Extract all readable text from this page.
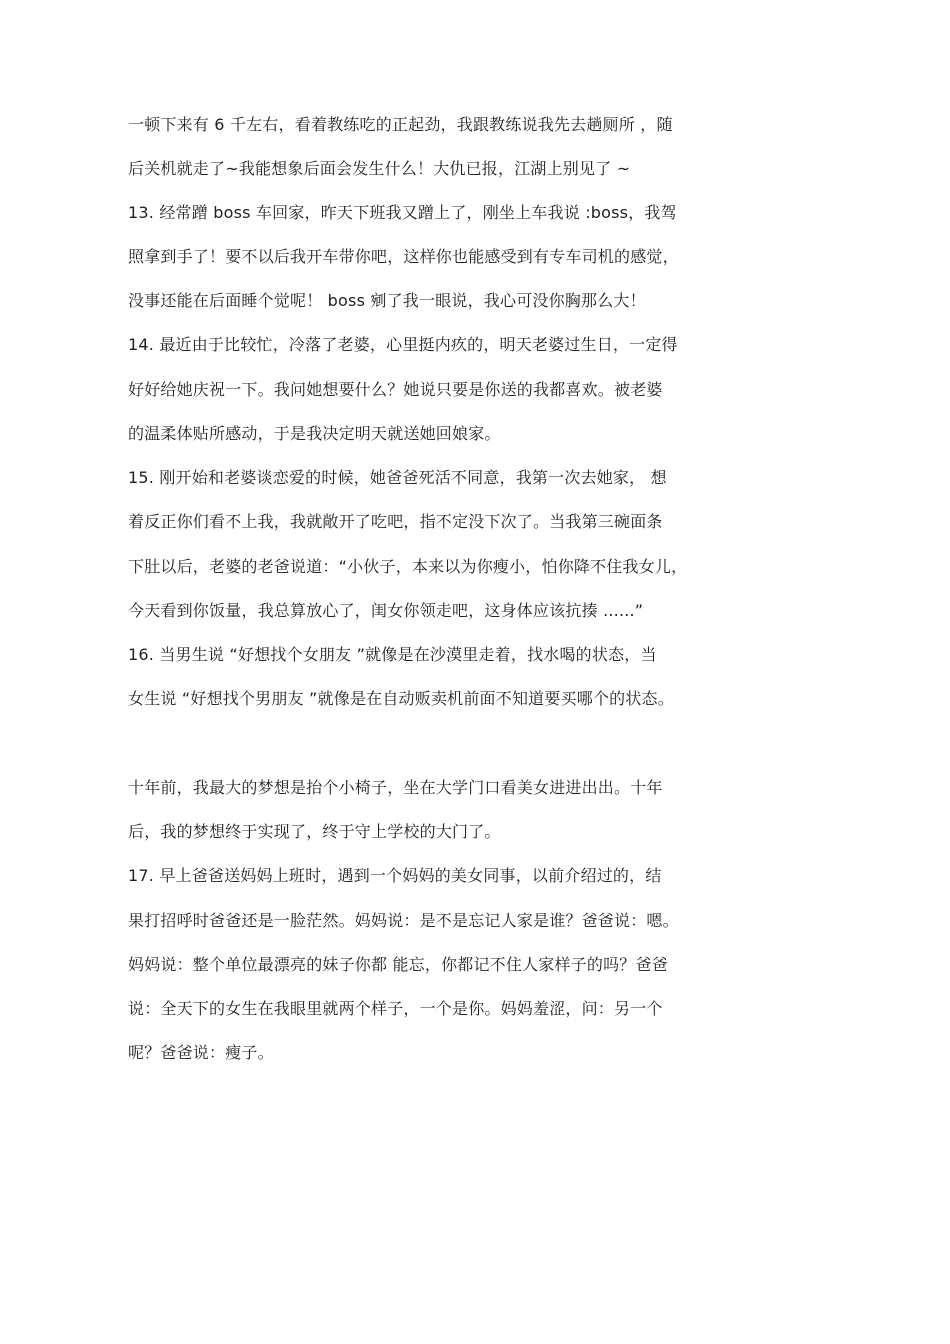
一顿下来有 6 千左右，看着教练吃的正起劲，我跟教练说我先去趟厕所 ，随
后关机就走了~我能想象后面会发生什么！大仇已报，江湖上别见了 ~
13. 经常蹭 boss 车回家，昨天下班我又蹭上了，刚坐上车我说 :boss，我驾
照拿到手了！要不以后我开车带你吧，这样你也能感受到有专车司机的感觉，
没事还能在后面睡个觉呢！ boss 剜了我一眼说，我心可没你胸那么大！
14. 最近由于比较忙，冷落了老婆，心里挺内疚的，明天老婆过生日，一定得
好好给她庆祝一下。我问她想要什么？她说只要是你送的我都喜欢。被老婆
的温柔体贴所感动，于是我决定明天就送她回娘家。
15. 刚开始和老婆谈恋爱的时候，她爸爸死活不同意，我第一次去她家， 想
着反正你们看不上我，我就敞开了吃吧，指不定没下次了。当我第三碗面条
下肚以后，老婆的老爸说道：“小伙子，本来以为你瘦小，怕你降不住我女儿，
今天看到你饭量，我总算放心了，闺女你领走吧，这身体应该抗揍 ......”
16. 当男生说 “好想找个女朋友 ”就像是在沙漠里走着，找水喝的状态，当
女生说 “好想找个男朋友 ”就像是在自动贩卖机前面不知道要买哪个的状态。
十年前，我最大的梦想是抬个小椅子，坐在大学门口看美女进进出出。十年
后，我的梦想终于实现了，终于守上学校的大门了。
17. 早上爸爸送妈妈上班时，遇到一个妈妈的美女同事，以前介绍过的，结
果打招呼时爸爸还是一脸茫然。妈妈说：是不是忘记人家是谁？爸爸说：嗯。
妈妈说：整个单位最漂亮的妹子你都 能忘，你都记不住人家样子的吗？爸爸
说：全天下的女生在我眼里就两个样子，一个是你。妈妈羞涩，问：另一个
呢？爸爸说：瘦子。
